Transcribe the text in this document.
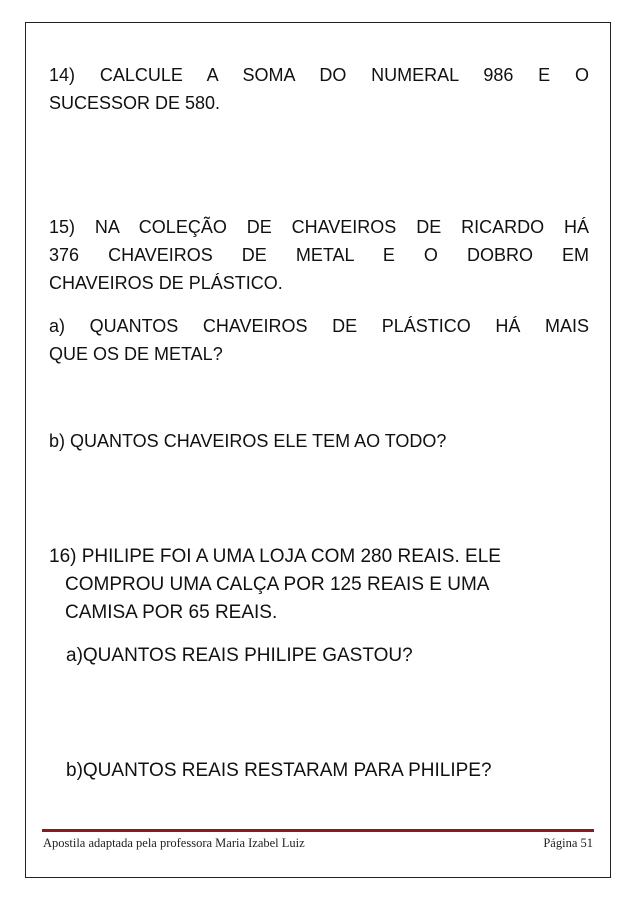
14) CALCULE A SOMA DO NUMERAL 986 E O
SUCESSOR DE 580.
15) NA COLEÇÃO DE CHAVEIROS DE RICARDO HÁ
376 CHAVEIROS DE METAL E O DOBRO EM
CHAVEIROS DE PLÁSTICO.
a) QUANTOS CHAVEIROS DE PLÁSTICO HÁ MAIS
QUE OS DE METAL?
b) QUANTOS CHAVEIROS ELE TEM AO TODO?
16) PHILIPE FOI A UMA LOJA COM 280 REAIS. ELE
COMPROU UMA CALÇA POR 125 REAIS E UMA
CAMISA POR 65 REAIS.
a)QUANTOS REAIS PHILIPE GASTOU?
b)QUANTOS REAIS RESTARAM PARA PHILIPE?
Apostila adaptada pela professora Maria Izabel Luiz	Página 51
